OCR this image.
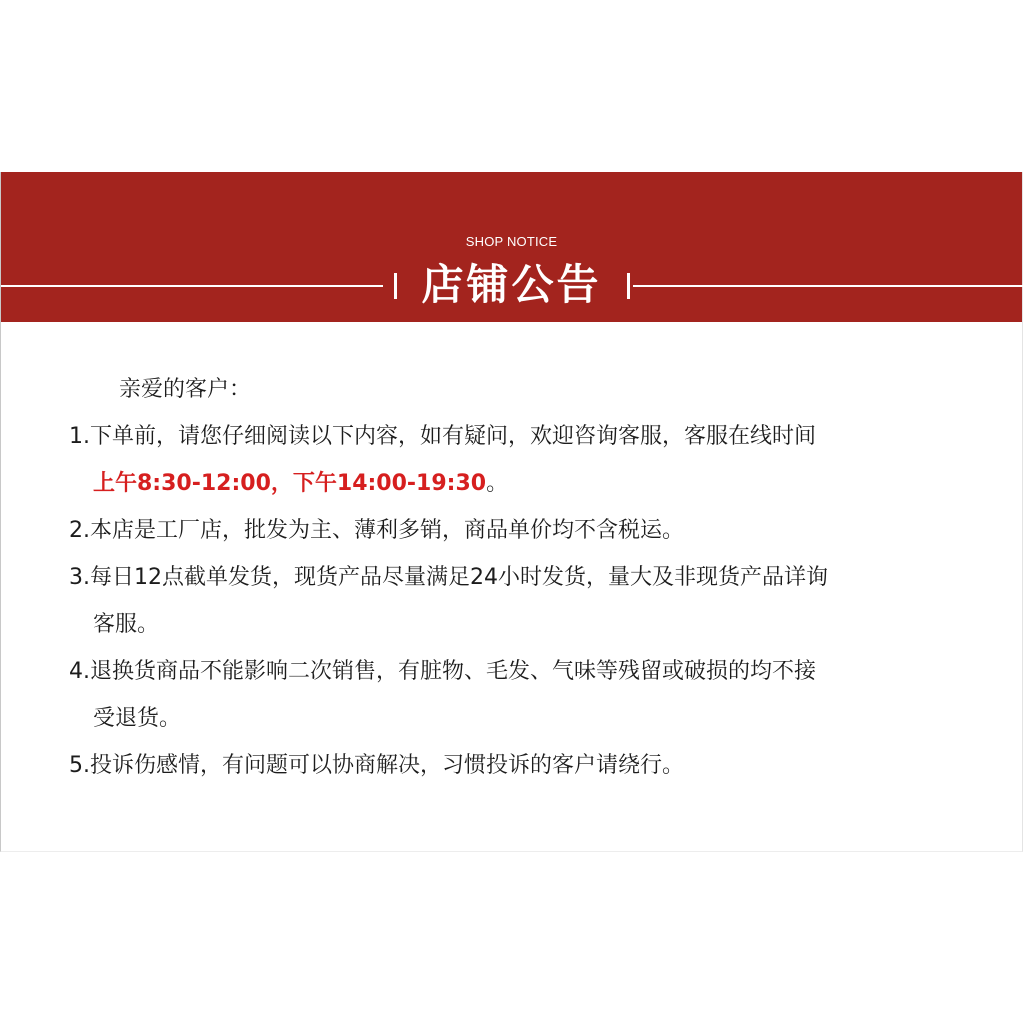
SHOP NOTICE
店铺公告
亲爱的客户：
1.下单前，请您仔细阅读以下内容，如有疑问，欢迎咨询客服，客服在线时间
上午8:30-12:00，下午14:00-19:30。
2.本店是工厂店，批发为主、薄利多销，商品单价均不含税运。
3.每日12点截单发货，现货产品尽量满足24小时发货，量大及非现货产品详询
客服。
4.退换货商品不能影响二次销售，有脏物、毛发、气味等残留或破损的均不接
受退货。
5.投诉伤感情，有问题可以协商解决，习惯投诉的客户请绕行。
